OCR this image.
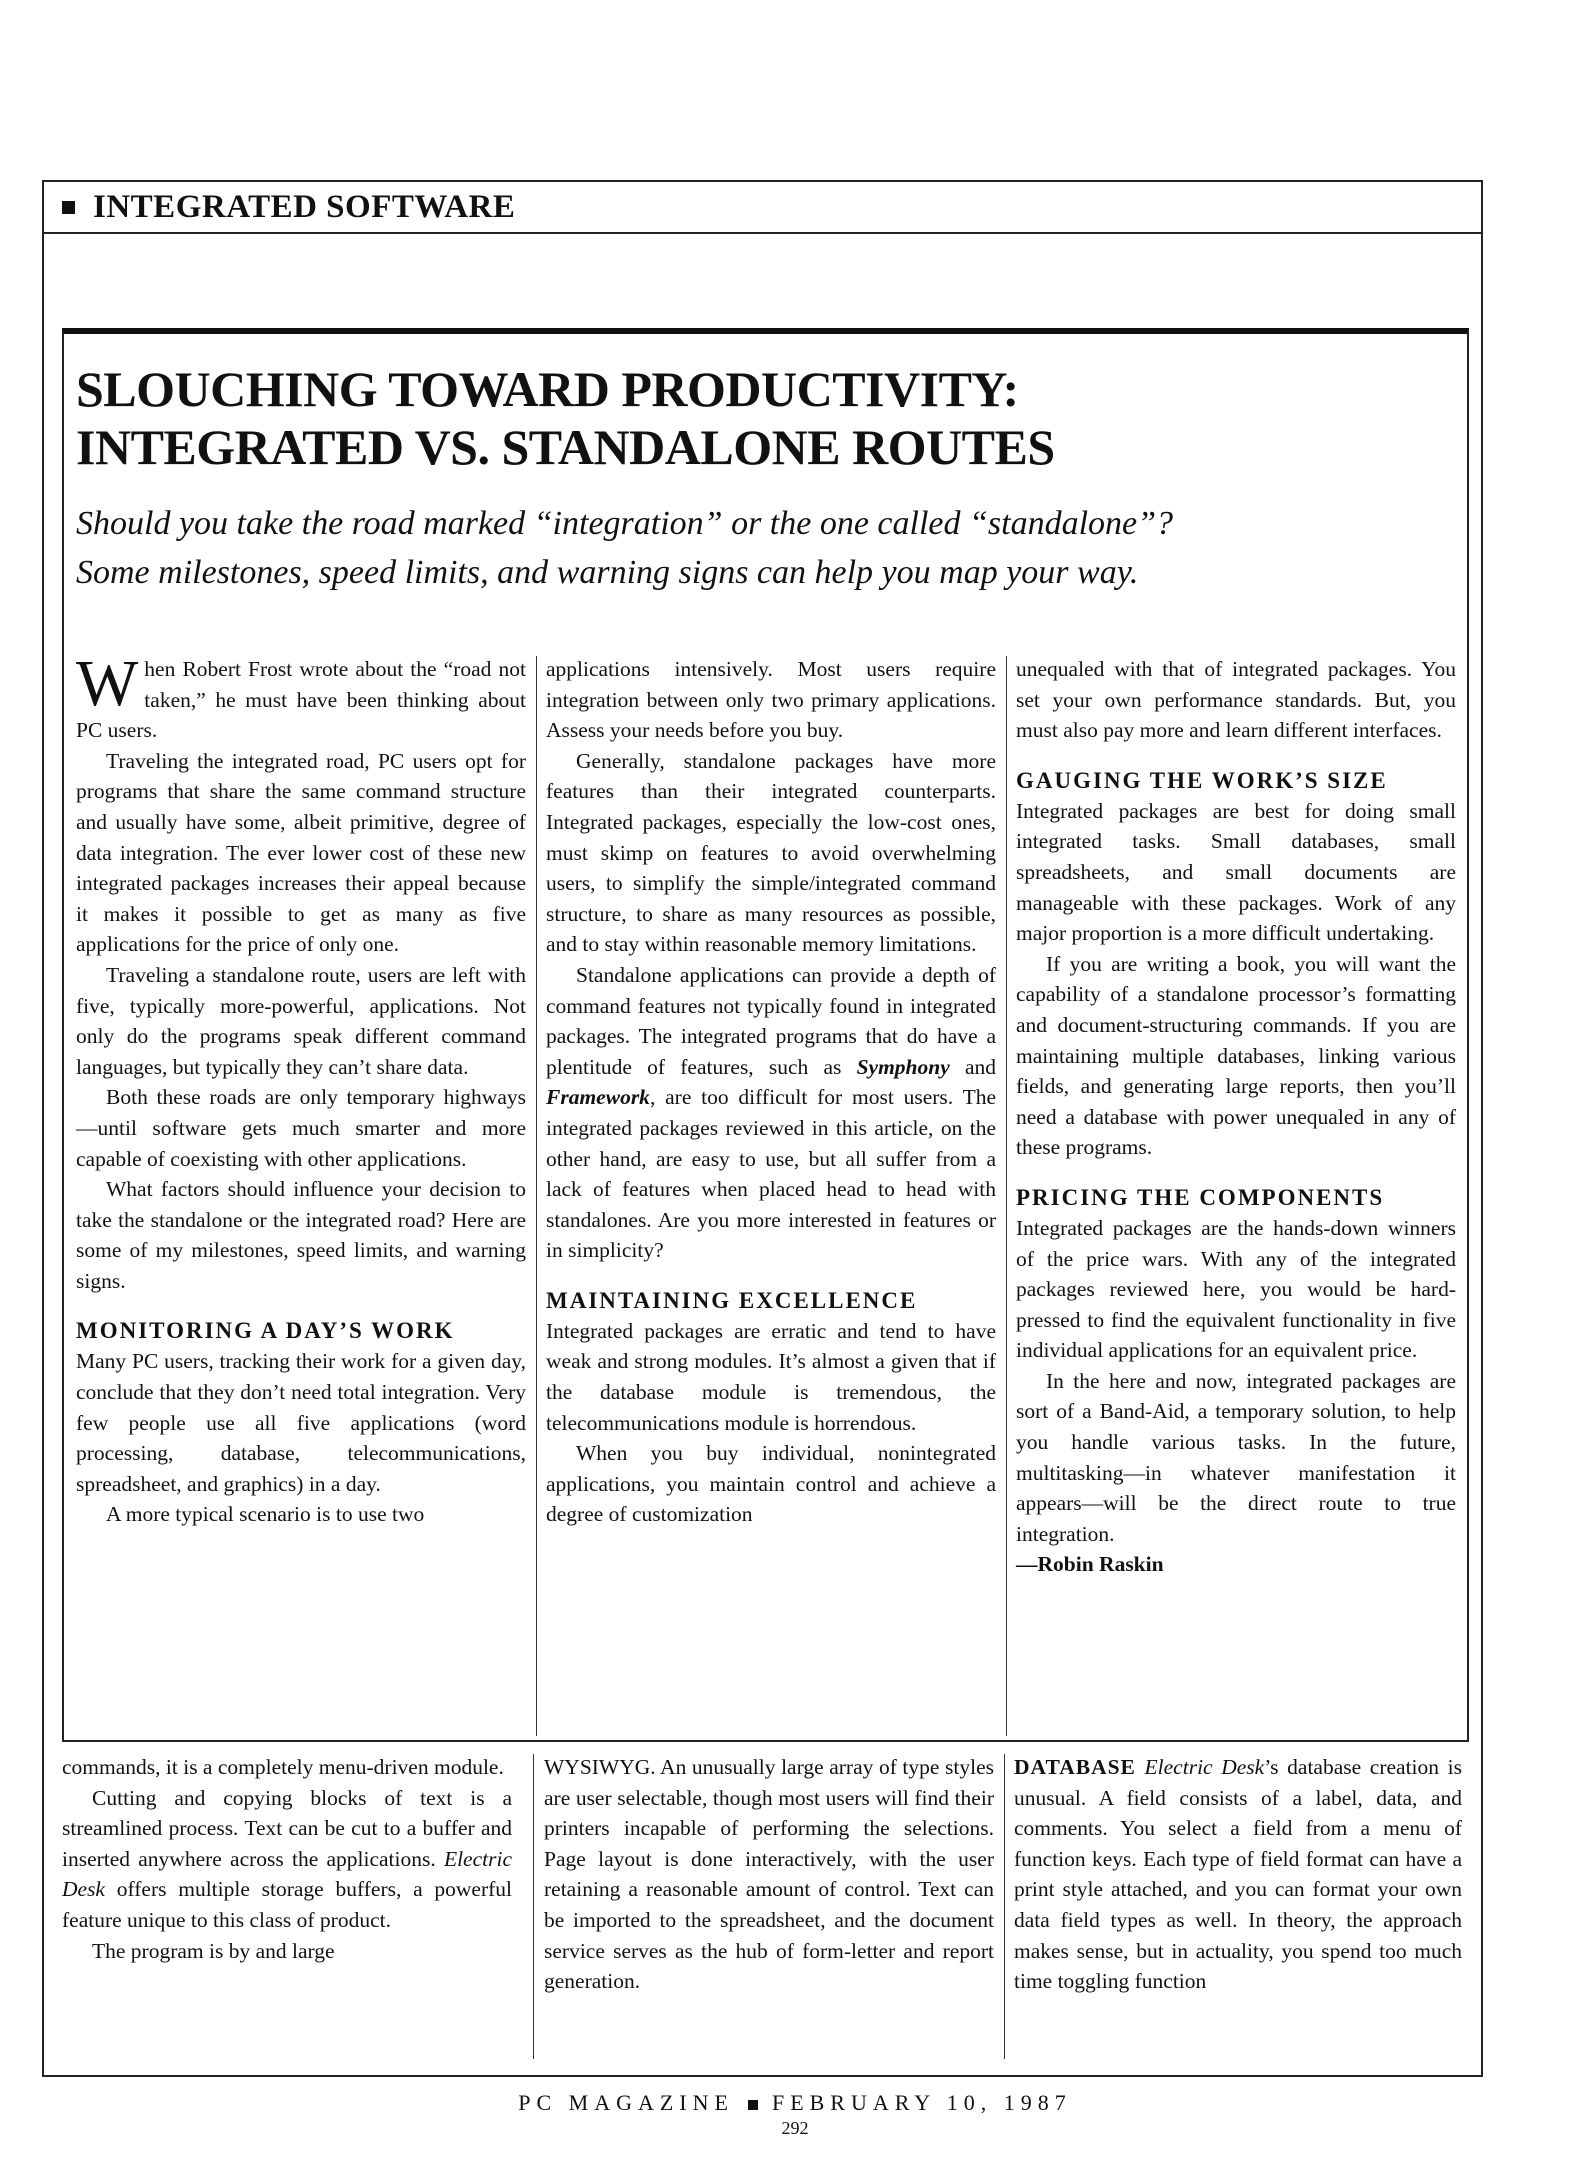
INTEGRATED SOFTWARE
SLOUCHING TOWARD PRODUCTIVITY:
INTEGRATED VS. STANDALONE ROUTES
Should you take the road marked “integration” or the one called “standalone”?
Some milestones, speed limits, and warning signs can help you map your way.

When Robert Frost wrote about the “road not taken,” he must have been thinking about PC users.

Traveling the integrated road, PC users opt for programs that share the same command structure and usually have some, albeit primitive, degree of data integration. The ever lower cost of these new integrated packages increases their appeal because it makes it possible to get as many as five applications for the price of only one.

Traveling a standalone route, users are left with five, typically more-powerful, applications. Not only do the programs speak different command languages, but typically they can’t share data.

Both these roads are only temporary highways—until software gets much smarter and more capable of coexisting with other applications.

What factors should influence your decision to take the standalone or the integrated road? Here are some of my milestones, speed limits, and warning signs.

MONITORING A DAY’S WORK

Many PC users, tracking their work for a given day, conclude that they don’t need total integration. Very few people use all five applications (word processing, database, telecommunications, spreadsheet, and graphics) in a day.

A more typical scenario is to use two

applications intensively. Most users require integration between only two primary applications. Assess your needs before you buy.

Generally, standalone packages have more features than their integrated counterparts. Integrated packages, especially the low-cost ones, must skimp on features to avoid overwhelming users, to simplify the simple/integrated command structure, to share as many resources as possible, and to stay within reasonable memory limitations.

Standalone applications can provide a depth of command features not typically found in integrated packages. The integrated programs that do have a plentitude of features, such as Symphony and Framework, are too difficult for most users. The integrated packages reviewed in this article, on the other hand, are easy to use, but all suffer from a lack of features when placed head to head with standalones. Are you more interested in features or in simplicity?

MAINTAINING EXCELLENCE

Integrated packages are erratic and tend to have weak and strong modules. It’s almost a given that if the database module is tremendous, the telecommunications module is horrendous.

When you buy individual, nonintegrated applications, you maintain control and achieve a degree of customization

unequaled with that of integrated packages. You set your own performance standards. But, you must also pay more and learn different interfaces.

GAUGING THE WORK’S SIZE

Integrated packages are best for doing small integrated tasks. Small databases, small spreadsheets, and small documents are manageable with these packages. Work of any major proportion is a more difficult undertaking.

If you are writing a book, you will want the capability of a standalone processor’s formatting and document-structuring commands. If you are maintaining multiple databases, linking various fields, and generating large reports, then you’ll need a database with power unequaled in any of these programs.

PRICING THE COMPONENTS

Integrated packages are the hands-down winners of the price wars. With any of the integrated packages reviewed here, you would be hard-pressed to find the equivalent functionality in five individual applications for an equivalent price.

In the here and now, integrated packages are sort of a Band-Aid, a temporary solution, to help you handle various tasks. In the future, multitasking—in whatever manifestation it appears—will be the direct route to true integration.

—Robin Raskin

commands, it is a completely menu-driven module.

Cutting and copying blocks of text is a streamlined process. Text can be cut to a buffer and inserted anywhere across the applications. Electric Desk offers multiple storage buffers, a powerful feature unique to this class of product.

The program is by and large

WYSIWYG. An unusually large array of type styles are user selectable, though most users will find their printers incapable of performing the selections. Page layout is done interactively, with the user retaining a reasonable amount of control. Text can be imported to the spreadsheet, and the document service serves as the hub of form-letter and report generation.

DATABASE Electric Desk’s database creation is unusual. A field consists of a label, data, and comments. You select a field from a menu of function keys. Each type of field format can have a print style attached, and you can format your own data field types as well. In theory, the approach makes sense, but in actuality, you spend too much time toggling function

PC MAGAZINE FEBRUARY 10, 1987
292
